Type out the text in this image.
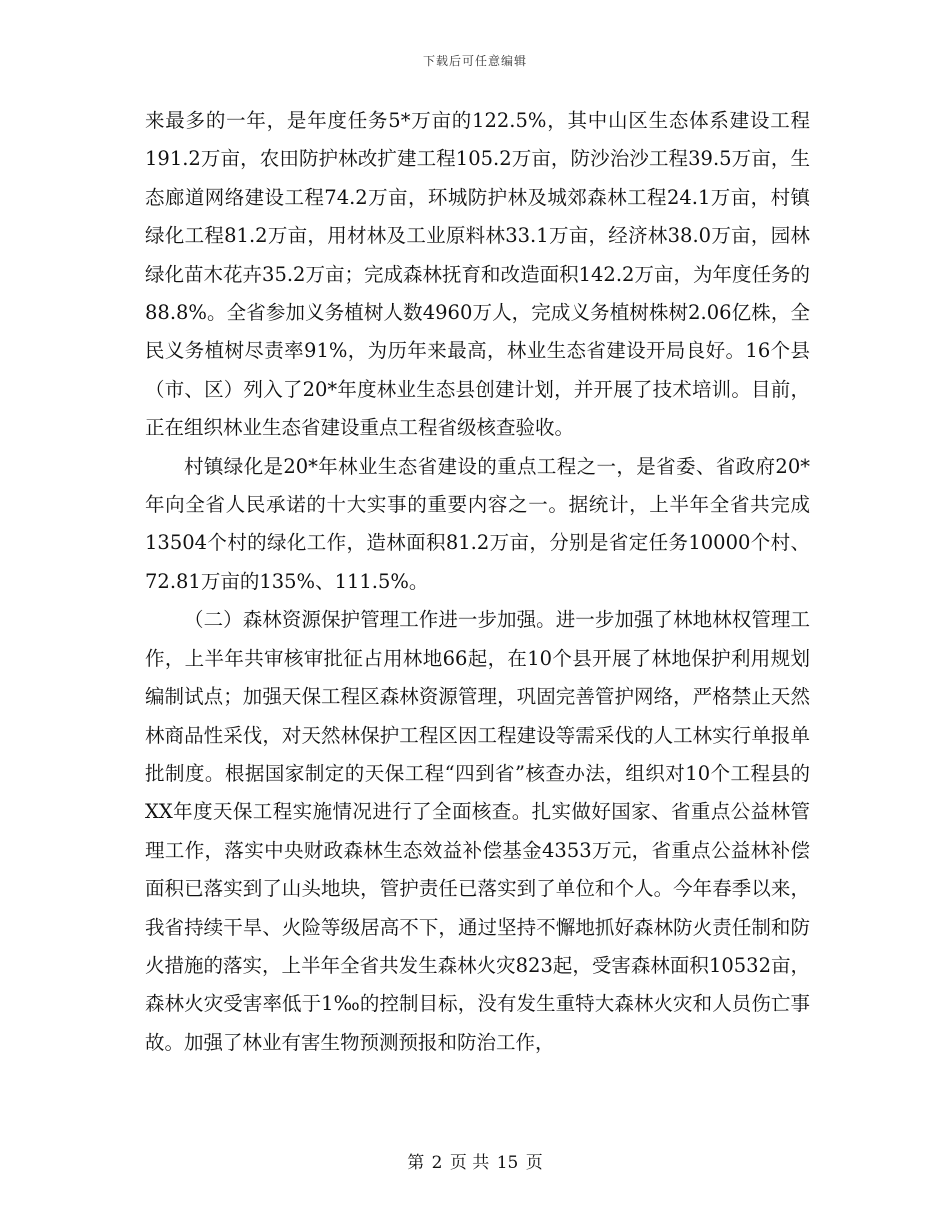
下载后可任意编辑

来最多的一年，是年度任务5*万亩的122.5%，其中山区生态体系建设工程191.2万亩，农田防护林改扩建工程105.2万亩，防沙治沙工程39.5万亩，生态廊道网络建设工程74.2万亩，环城防护林及城郊森林工程24.1万亩，村镇绿化工程81.2万亩，用材林及工业原料林33.1万亩，经济林38.0万亩，园林绿化苗木花卉35.2万亩；完成森林抚育和改造面积142.2万亩，为年度任务的88.8%。全省参加义务植树人数4960万人，完成义务植树株树2.06亿株，全民义务植树尽责率91%，为历年来最高，林业生态省建设开局良好。16个县（市、区）列入了20*年度林业生态县创建计划，并开展了技术培训。目前，正在组织林业生态省建设重点工程省级核查验收。

村镇绿化是20*年林业生态省建设的重点工程之一，是省委、省政府20*年向全省人民承诺的十大实事的重要内容之一。据统计，上半年全省共完成13504个村的绿化工作，造林面积81.2万亩，分别是省定任务10000个村、72.81万亩的135%、111.5%。

（二）森林资源保护管理工作进一步加强。进一步加强了林地林权管理工作，上半年共审核审批征占用林地66起，在10个县开展了林地保护利用规划编制试点；加强天保工程区森林资源管理，巩固完善管护网络，严格禁止天然林商品性采伐，对天然林保护工程区因工程建设等需采伐的人工林实行单报单批制度。根据国家制定的天保工程“四到省”核查办法，组织对10个工程县的XX年度天保工程实施情况进行了全面核查。扎实做好国家、省重点公益林管理工作，落实中央财政森林生态效益补偿基金4353万元，省重点公益林补偿面积已落实到了山头地块，管护责任已落实到了单位和个人。今年春季以来，我省持续干旱、火险等级居高不下，通过坚持不懈地抓好森林防火责任制和防火措施的落实，上半年全省共发生森林火灾823起，受害森林面积10532亩，森林火灾受害率低于1‰的控制目标，没有发生重特大森林火灾和人员伤亡事故。加强了林业有害生物预测预报和防治工作，

第 2 页 共 15 页
